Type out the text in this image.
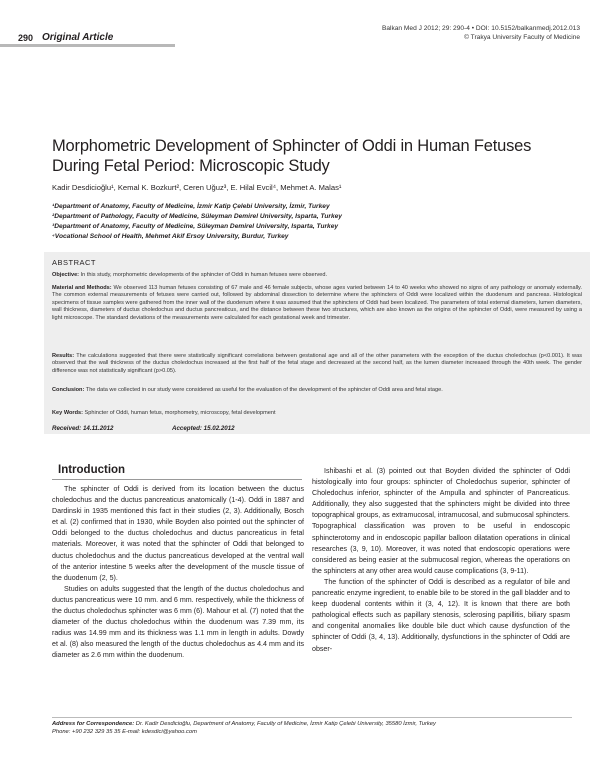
290 Original Article
Balkan Med J 2012; 29: 290-4 • DOI: 10.5152/balkanmedj.2012.013
© Trakya University Faculty of Medicine
Morphometric Development of Sphincter of Oddi in Human Fetuses
During Fetal Period: Microscopic Study
Kadir Desdicioğlu¹, Kemal K. Bozkurt², Ceren Uğuz³, E. Hilal Evcil⁴, Mehmet A. Malas¹
¹Department of Anatomy, Faculty of Medicine, İzmir Katip Çelebi University, İzmir, Turkey
²Department of Pathology, Faculty of Medicine, Süleyman Demirel University, Isparta, Turkey
³Department of Anatomy, Faculty of Medicine, Süleyman Demirel University, Isparta, Turkey
⁴Vocational School of Health, Mehmet Akif Ersoy University, Burdur, Turkey
ABSTRACT
Objective: In this study, morphometric developments of the sphincter of Oddi in human fetuses were observed.
Material and Methods: We observed 113 human fetuses consisting of 67 male and 46 female subjects, whose ages varied between 14 to 40 weeks who showed no signs of any pathology or anomaly externally. The common external measurements of fetuses were carried out, followed by abdominal dissection to determine where the sphincters of Oddi were localized within the duodenum and pancreas. Histological specimens of tissue samples were gathered from the inner wall of the duodenum where it was assumed that the sphincters of Oddi had been localized. The parameters of total external diameters, lumen diameters, wall thickness, diameters of ductus choledochus and ductus pancreaticus, and the distance between these two structures, which are also known as the origins of the sphincter of Oddi, were measured by using a light microscope. The standard deviations of the measurements were calculated for each gestational week and trimester.
Results: The calculations suggested that there were statistically significant correlations between gestational age and all of the other parameters with the exception of the ductus choledochus (p<0.001). It was observed that the wall thickness of the ductus choledochus increased at the first half of the fetal stage and decreased at the second half, as the lumen diameter increased through the 40th week. The gender difference was not statistically significant (p>0.05).
Conclusion: The data we collected in our study were considered as useful for the evaluation of the development of the sphincter of Oddi area and fetal stage.
Key Words: Sphincter of Oddi, human fetus, morphometry, microscopy, fetal development
Received: 14.11.2012	Accepted: 15.02.2012
Introduction

The sphincter of Oddi is derived from its location between the ductus choledochus and the ductus pancreaticus anatomically (1-4). Oddi in 1887 and Dardinski in 1935 mentioned this fact in their studies (2, 3). Additionally, Bosch et al. (2) confirmed that in 1930, while Boyden also pointed out the sphincter of Oddi belonged to the ductus choledochus and ductus pancreaticus in fetal materials. Moreover, it was noted that the sphincter of Oddi that belonged to ductus choledochus and the ductus pancreaticus developed at the ventral wall of the anterior intestine 5 weeks after the development of the muscle tissue of the duodenum (2, 5).

Studies on adults suggested that the length of the ductus choledochus and ductus pancreaticus were 10 mm. and 6 mm. respectively, while the thickness of the ductus choledochus sphincter was 6 mm (6). Mahour et al. (7) noted that the diameter of the ductus choledochus within the duodenum was 7.39 mm, its radius was 14.99 mm and its thickness was 1.1 mm in length in adults. Dowdy et al. (8) also measured the length of the ductus choledochus as 4.4 mm and its diameter as 2.6 mm within the duodenum.

Ishibashi et al. (3) pointed out that Boyden divided the sphincter of Oddi histologically into four groups: sphincter of Choledochus superior, sphincter of Choledochus inferior, sphincter of the Ampulla and sphincter of Pancreaticus. Additionally, they also suggested that the sphincters might be divided into three topographical groups, as extramucosal, intramucosal, and submucosal sphincters. Topographical classification was proven to be useful in endoscopic sphincterotomy and in endoscopic papillar balloon dilatation operations in clinical researches (3, 9, 10). Moreover, it was noted that endoscopic operations were considered as being easier at the submucosal region, whereas the operations on the sphincters at any other area would cause complications (3, 9-11).

The function of the sphincter of Oddi is described as a regulator of bile and pancreatic enzyme ingredient, to enable bile to be stored in the gall bladder and to keep duodenal contents within it (3, 4, 12). It is known that there are both pathological effects such as papillary stenosis, sclerosing papillitis, biliary spasm and congenital anomalies like double bile duct which cause dysfunction of the sphincter of Oddi (3, 4, 13). Additionally, dysfunctions in the sphincter of Oddi are obser-

Address for Correspondence: Dr. Kadir Desdicioğlu, Department of Anatomy, Faculty of Medicine, İzmir Katip Çelebi University, 35580 İzmir, Turkey
Phone: +90 232 329 35 35 E-mail: kdesdici@yahoo.com
